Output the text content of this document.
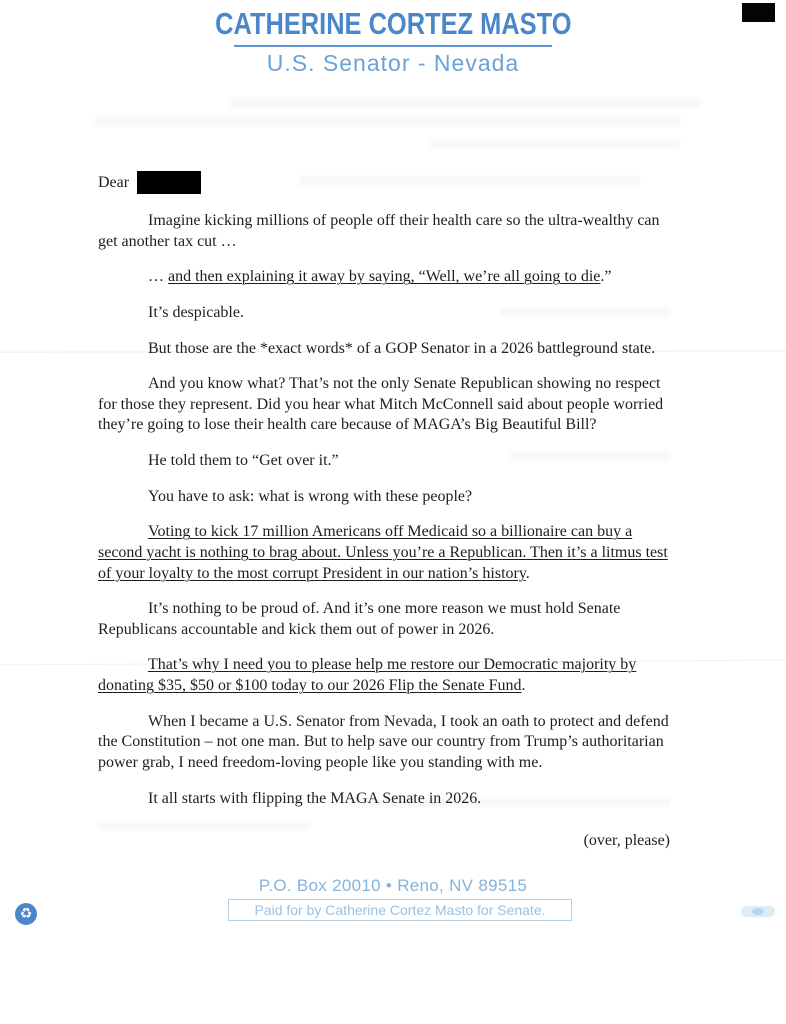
CATHERINE CORTEZ MASTO
U.S. Senator - Nevada

Dear

Imagine kicking millions of people off their health care so the ultra-wealthy can get another tax cut …

… and then explaining it away by saying, “Well, we’re all going to die.”

It’s despicable.

But those are the *exact words* of a GOP Senator in a 2026 battleground state.

And you know what? That’s not the only Senate Republican showing no respect for those they represent. Did you hear what Mitch McConnell said about people worried they’re going to lose their health care because of MAGA’s Big Beautiful Bill?

He told them to “Get over it.”

You have to ask: what is wrong with these people?

Voting to kick 17 million Americans off Medicaid so a billionaire can buy a second yacht is nothing to brag about. Unless you’re a Republican. Then it’s a litmus test of your loyalty to the most corrupt President in our nation’s history.

It’s nothing to be proud of. And it’s one more reason we must hold Senate Republicans accountable and kick them out of power in 2026.

That’s why I need you to please help me restore our Democratic majority by donating $35, $50 or $100 today to our 2026 Flip the Senate Fund.

When I became a U.S. Senator from Nevada, I took an oath to protect and defend the Constitution – not one man. But to help save our country from Trump’s authoritarian power grab, I need freedom-loving people like you standing with me.

It all starts with flipping the MAGA Senate in 2026.

(over, please)

P.O. Box 20010 • Reno, NV 89515
Paid for by Catherine Cortez Masto for Senate.
♻
